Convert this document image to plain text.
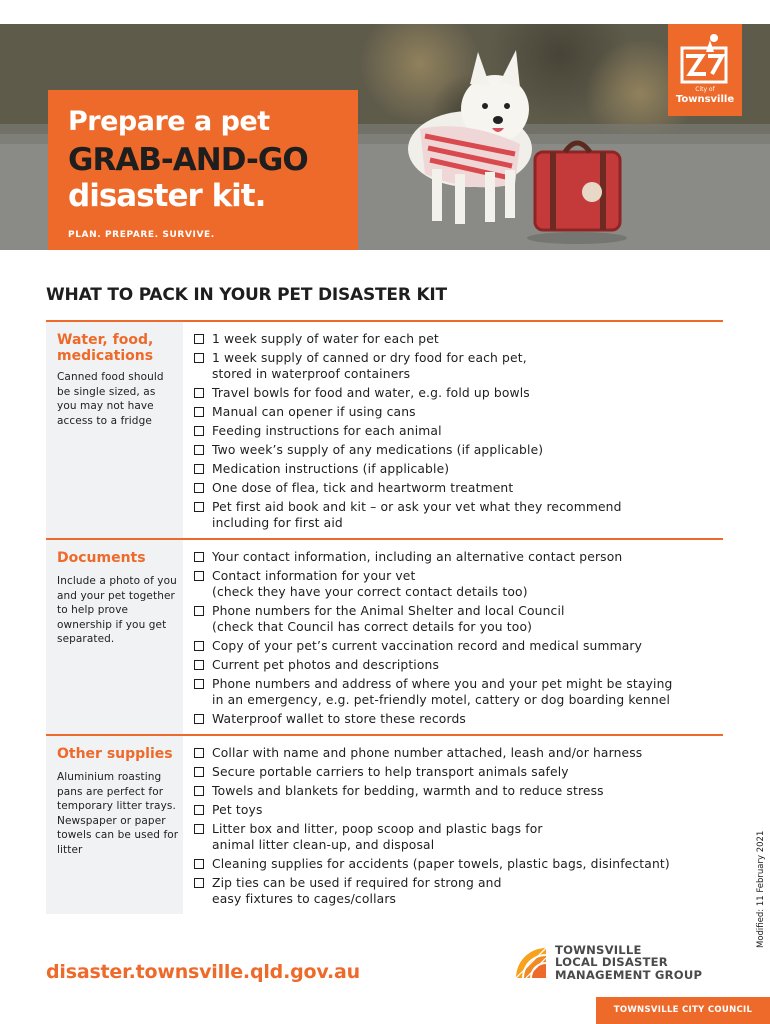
Prepare a pet
GRAB-AND-GO
disaster kit.
PLAN. PREPARE. SURVIVE.
City of
Townsville
WHAT TO PACK IN YOUR PET DISASTER KIT
Water, food, medications
Canned food should be single sized, as you may not have access to a fridge
1 week supply of water for each pet
1 week supply of canned or dry food for each pet,
stored in waterproof containers
Travel bowls for food and water, e.g. fold up bowls
Manual can opener if using cans
Feeding instructions for each animal
Two week’s supply of any medications (if applicable)
Medication instructions (if applicable)
One dose of flea, tick and heartworm treatment
Pet first aid book and kit – or ask your vet what they recommend
including for first aid
Documents
Include a photo of you and your pet together to help prove ownership if you get separated.
Your contact information, including an alternative contact person
Contact information for your vet
(check they have your correct contact details too)
Phone numbers for the Animal Shelter and local Council
(check that Council has correct details for you too)
Copy of your pet’s current vaccination record and medical summary
Current pet photos and descriptions
Phone numbers and address of where you and your pet might be staying
in an emergency, e.g. pet-friendly motel, cattery or dog boarding kennel
Waterproof wallet to store these records
Other supplies
Aluminium roasting pans are perfect for temporary litter trays. Newspaper or paper towels can be used for litter
Collar with name and phone number attached, leash and/or harness
Secure portable carriers to help transport animals safely
Towels and blankets for bedding, warmth and to reduce stress
Pet toys
Litter box and litter, poop scoop and plastic bags for
animal litter clean-up, and disposal
Cleaning supplies for accidents (paper towels, plastic bags, disinfectant)
Zip ties can be used if required for strong and
easy fixtures to cages/collars	Modified: 11 February 2021
disaster.townsville.qld.gov.au
TOWNSVILLE
LOCAL DISASTER
MANAGEMENT GROUP
TOWNSVILLE CITY COUNCIL
